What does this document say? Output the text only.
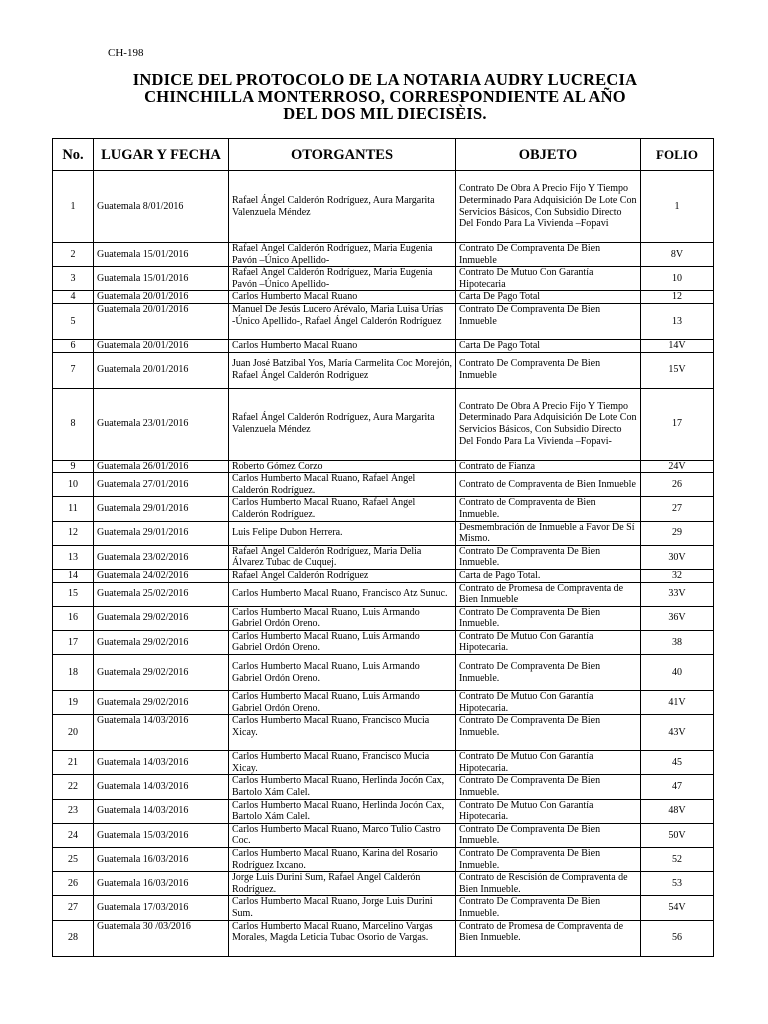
CH-198
INDICE DEL PROTOCOLO DE LA NOTARIA AUDRY LUCRECIA
CHINCHILLA MONTERROSO, CORRESPONDIENTE AL AÑO
DEL DOS MIL DIECISÈIS.
No.	LUGAR Y FECHA	OTORGANTES	OBJETO	FOLIO
1	Guatemala 8/01/2016	Rafael Ángel Calderón Rodríguez, Aura Margarita Valenzuela Méndez	Contrato De Obra A Precio Fijo Y Tiempo Determinado Para Adquisición De Lote Con Servicios Básicos, Con Subsidio Directo Del Fondo Para La Vivienda –Fopavi	1
2	Guatemala 15/01/2016	Rafael Ángel Calderón Rodríguez, Maria Eugenia Pavón –Único Apellido-	Contrato De Compraventa De Bien Inmueble	8V
3	Guatemala 15/01/2016	Rafael Ángel Calderón Rodríguez, Maria Eugenia Pavón –Único Apellido-	Contrato De Mutuo Con Garantía Hipotecaria	10
4	Guatemala 20/01/2016	Carlos Humberto Macal Ruano	Carta De Pago Total	12
5	Guatemala 20/01/2016	Manuel De Jesús Lucero Arévalo, Maria Luisa Urías -Único Apellido-, Rafael Ángel Calderón Rodríguez	Contrato De Compraventa De Bien Inmueble	13
6	Guatemala 20/01/2016	Carlos Humberto Macal Ruano	Carta De Pago Total	14V
7	Guatemala 20/01/2016	Juan José Batzibal Yos, María Carmelita Coc Morejón, Rafael Ángel Calderón Rodriguez	Contrato De Compraventa De Bien Inmueble	15V
8	Guatemala 23/01/2016	Rafael Ángel Calderón Rodríguez, Aura Margarita Valenzuela Méndez	Contrato De Obra A Precio Fijo Y Tiempo Determinado Para Adquisición De Lote Con Servicios Básicos, Con Subsidio Directo Del Fondo Para La Vivienda –Fopavi-	17
9	Guatemala 26/01/2016	Roberto Gómez Corzo	Contrato de Fianza	24V
10	Guatemala 27/01/2016	Carlos Humberto Macal Ruano, Rafael Ángel Calderón Rodríguez.	Contrato de Compraventa de Bien Inmueble	26
11	Guatemala 29/01/2016	Carlos Humberto Macal Ruano, Rafael Ángel Calderón Rodríguez.	Contrato de Compraventa de Bien Inmueble.	27
12	Guatemala 29/01/2016	Luis Felipe Dubon Herrera.	Desmembración de Inmueble a Favor De Sí Mismo.	29
13	Guatemala 23/02/2016	Rafael Ángel Calderón Rodríguez, Maria Delia Álvarez Tubac de Cuquej.	Contrato De Compraventa De Bien Inmueble.	30V
14	Guatemala 24/02/2016	Rafael Ángel Calderón Rodríguez	Carta de Pago Total.	32
15	Guatemala 25/02/2016	Carlos Humberto Macal Ruano, Francisco Atz Sunuc.	Contrato de Promesa de Compraventa de Bien Inmueble	33V
16	Guatemala 29/02/2016	Carlos Humberto Macal Ruano, Luis Armando Gabriel Ordón Oreno.	Contrato De Compraventa De Bien Inmueble.	36V
17	Guatemala 29/02/2016	Carlos Humberto Macal Ruano, Luis Armando Gabriel Ordón Oreno.	Contrato De Mutuo Con Garantía Hipotecaria.	38
18	Guatemala 29/02/2016	Carlos Humberto Macal Ruano, Luis Armando Gabriel Ordón Oreno.	Contrato De Compraventa De Bien Inmueble.	40
19	Guatemala 29/02/2016	Carlos Humberto Macal Ruano, Luis Armando Gabriel Ordón Oreno.	Contrato De Mutuo Con Garantía Hipotecaria.	41V
20	Guatemala 14/03/2016	Carlos Humberto Macal Ruano, Francisco Mucia Xicay.	Contrato De Compraventa De Bien Inmueble.	43V
21	Guatemala 14/03/2016	Carlos Humberto Macal Ruano, Francisco Mucia Xicay.	Contrato De Mutuo Con Garantía Hipotecaria.	45
22	Guatemala 14/03/2016	Carlos Humberto Macal Ruano, Herlinda Jocón Cax, Bartolo Xám Calel.	Contrato De Compraventa De Bien Inmueble.	47
23	Guatemala 14/03/2016	Carlos Humberto Macal Ruano, Herlinda Jocón Cax, Bartolo Xám Calel.	Contrato De Mutuo Con Garantía Hipotecaria.	48V
24	Guatemala 15/03/2016	Carlos Humberto Macal Ruano, Marco Tulio Castro Coc.	Contrato De Compraventa De Bien Inmueble.	50V
25	Guatemala 16/03/2016	Carlos Humberto Macal Ruano, Karina del Rosario Rodríguez Ixcano.	Contrato De Compraventa De Bien Inmueble.	52
26	Guatemala 16/03/2016	Jorge Luis Durini Sum, Rafael Ángel Calderón Rodríguez.	Contrato de Rescisión de Compraventa de Bien Inmueble.	53
27	Guatemala 17/03/2016	Carlos Humberto Macal Ruano, Jorge Luis Durini Sum.	Contrato De Compraventa De Bien Inmueble.	54V
28	Guatemala 30 /03/2016	Carlos Humberto Macal Ruano, Marcelino Vargas Morales, Magda Leticia Tubac Osorio de Vargas.	Contrato de Promesa de Compraventa de Bien Inmueble.	56
